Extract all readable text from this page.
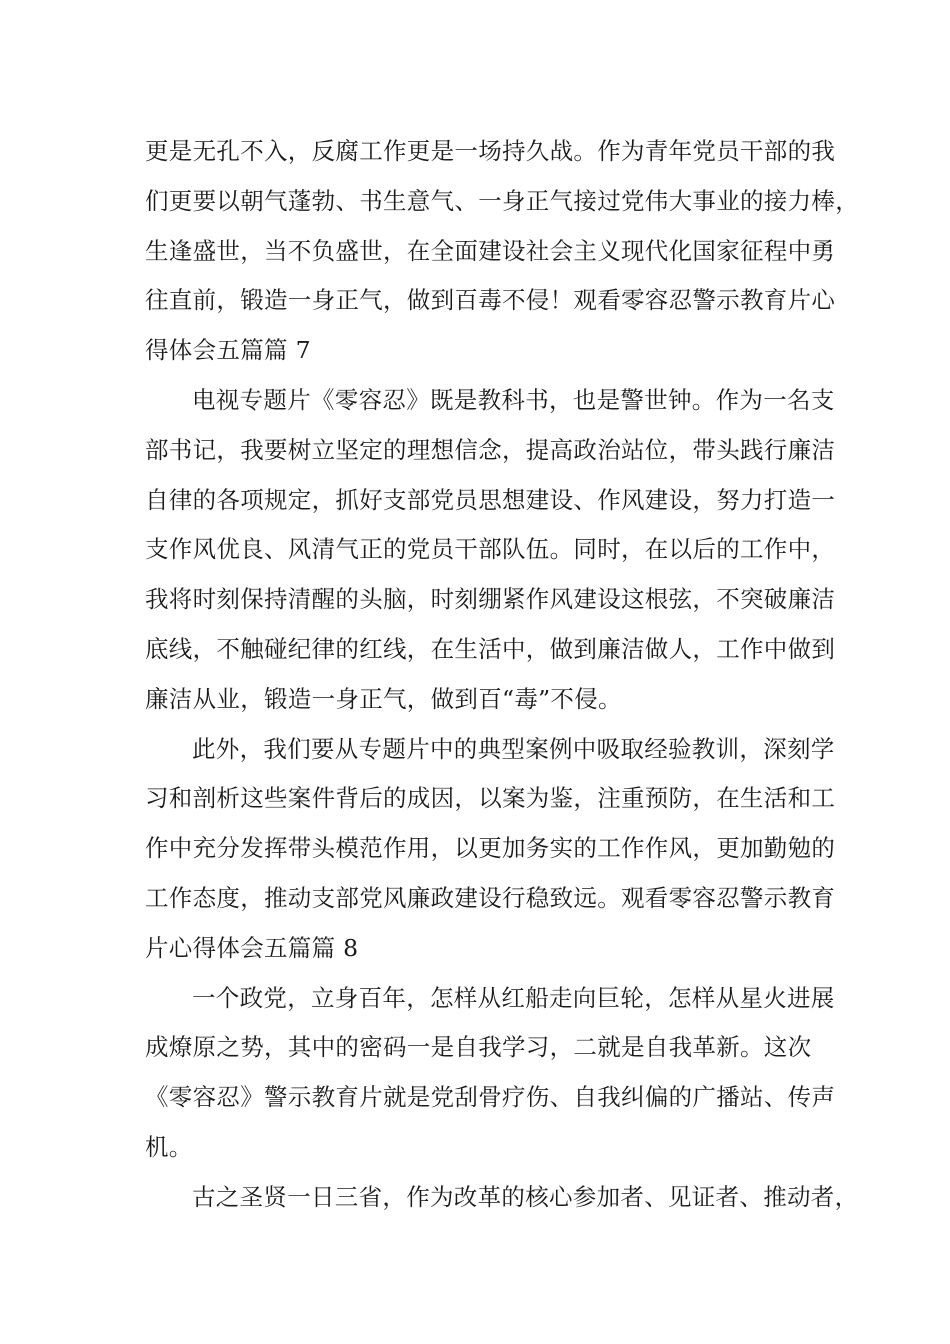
更是无孔不入，反腐工作更是一场持久战。作为青年党员干部的我
们更要以朝气蓬勃、书生意气、一身正气接过党伟大事业的接力棒，
生逢盛世，当不负盛世，在全面建设社会主义现代化国家征程中勇
往直前，锻造一身正气，做到百毒不侵！观看零容忍警示教育片心
得体会五篇篇 7
电视专题片《零容忍》既是教科书，也是警世钟。作为一名支
部书记，我要树立坚定的理想信念，提高政治站位，带头践行廉洁
自律的各项规定，抓好支部党员思想建设、作风建设，努力打造一
支作风优良、风清气正的党员干部队伍。同时，在以后的工作中，
我将时刻保持清醒的头脑，时刻绷紧作风建设这根弦，不突破廉洁
底线，不触碰纪律的红线，在生活中，做到廉洁做人，工作中做到
廉洁从业，锻造一身正气，做到百“毒”不侵。
此外，我们要从专题片中的典型案例中吸取经验教训，深刻学
习和剖析这些案件背后的成因，以案为鉴，注重预防，在生活和工
作中充分发挥带头模范作用，以更加务实的工作作风，更加勤勉的
工作态度，推动支部党风廉政建设行稳致远。观看零容忍警示教育
片心得体会五篇篇 8
一个政党，立身百年，怎样从红船走向巨轮，怎样从星火进展
成燎原之势，其中的密码一是自我学习，二就是自我革新。这次
《零容忍》警示教育片就是党刮骨疗伤、自我纠偏的广播站、传声
机。
古之圣贤一日三省，作为改革的核心参加者、见证者、推动者，
